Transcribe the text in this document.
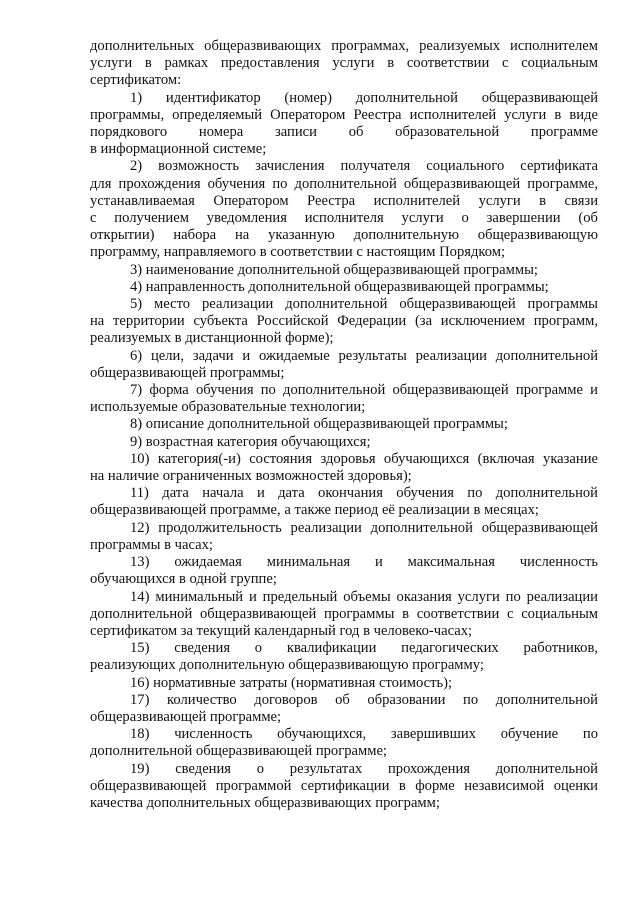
дополнительных общеразвивающих программах, реализуемых исполнителем
услуги в рамках предоставления услуги в соответствии с социальным
сертификатом:
1) идентификатор (номер) дополнительной общеразвивающей
программы, определяемый Оператором Реестра исполнителей услуги в виде
порядкового номера записи об образовательной программе
в информационной системе;
2) возможность зачисления получателя социального сертификата
для прохождения обучения по дополнительной общеразвивающей программе,
устанавливаемая Оператором Реестра исполнителей услуги в связи
с получением уведомления исполнителя услуги о завершении (об
открытии) набора на указанную дополнительную общеразвивающую
программу, направляемого в соответствии с настоящим Порядком;
3) наименование дополнительной общеразвивающей программы;
4) направленность дополнительной общеразвивающей программы;
5) место реализации дополнительной общеразвивающей программы
на территории субъекта Российской Федерации (за исключением программ,
реализуемых в дистанционной форме);
6) цели, задачи и ожидаемые результаты реализации дополнительной
общеразвивающей программы;
7) форма обучения по дополнительной общеразвивающей программе и
используемые образовательные технологии;
8) описание дополнительной общеразвивающей программы;
9) возрастная категория обучающихся;
10) категория(-и) состояния здоровья обучающихся (включая указание
на наличие ограниченных возможностей здоровья);
11) дата начала и дата окончания обучения по дополнительной
общеразвивающей программе, а также период её реализации в месяцах;
12) продолжительность реализации дополнительной общеразвивающей
программы в часах;
13) ожидаемая минимальная и максимальная численность
обучающихся в одной группе;
14) минимальный и предельный объемы оказания услуги по реализации
дополнительной общеразвивающей программы в соответствии с социальным
сертификатом за текущий календарный год в человеко-часах;
15) сведения о квалификации педагогических работников,
реализующих дополнительную общеразвивающую программу;
16) нормативные затраты (нормативная стоимость);
17) количество договоров об образовании по дополнительной
общеразвивающей программе;
18) численность обучающихся, завершивших обучение по
дополнительной общеразвивающей программе;
19) сведения о результатах прохождения дополнительной
общеразвивающей программой сертификации в форме независимой оценки
качества дополнительных общеразвивающих программ;
